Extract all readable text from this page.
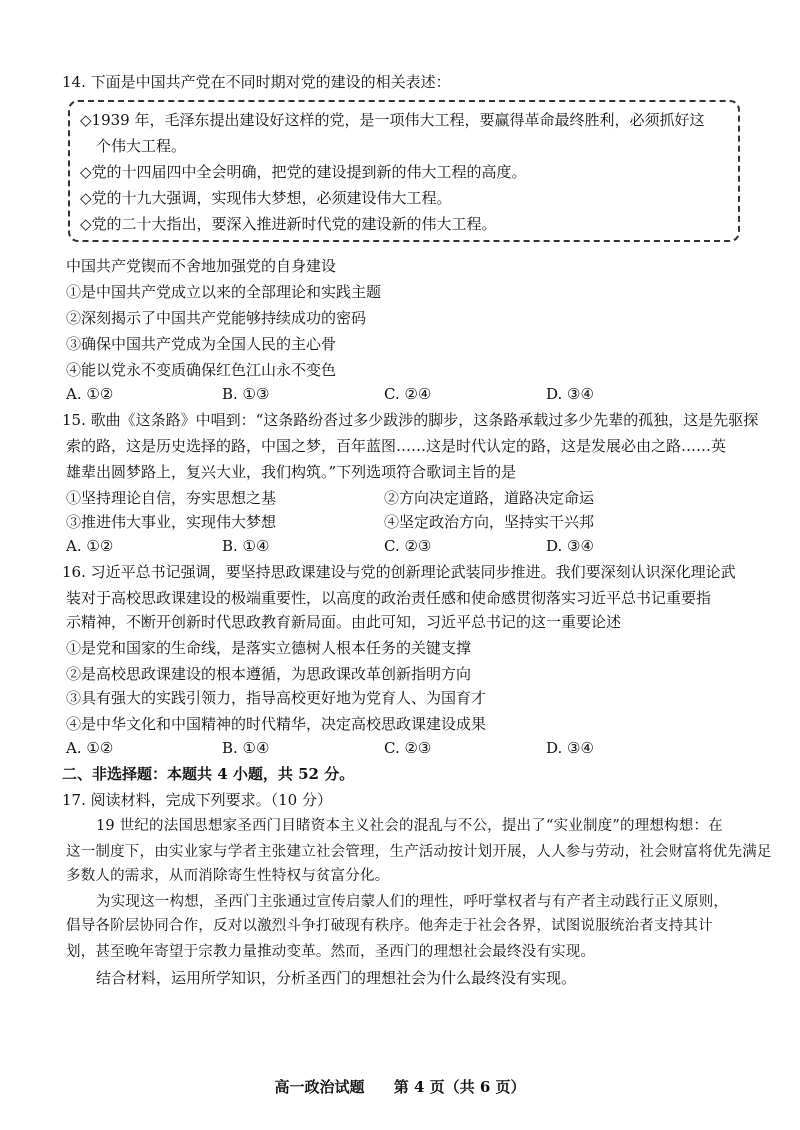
14. 下面是中国共产党在不同时期对党的建设的相关表述：
◇1939 年，毛泽东提出建设好这样的党，是一项伟大工程，要赢得革命最终胜利，必须抓好这
个伟大工程。
◇党的十四届四中全会明确，把党的建设提到新的伟大工程的高度。
◇党的十九大强调，实现伟大梦想，必须建设伟大工程。
◇党的二十大指出，要深入推进新时代党的建设新的伟大工程。
中国共产党锲而不舍地加强党的自身建设
①是中国共产党成立以来的全部理论和实践主题
②深刻揭示了中国共产党能够持续成功的密码
③确保中国共产党成为全国人民的主心骨
④能以党永不变质确保红色江山永不变色
A. ①②	B. ①③	C. ②④	D. ③④
15. 歌曲《这条路》中唱到：“这条路纷沓过多少跋涉的脚步，这条路承载过多少先辈的孤独，这是先驱探
索的路，这是历史选择的路，中国之梦，百年蓝图……这是时代认定的路，这是发展必由之路……英
雄辈出圆梦路上，复兴大业，我们构筑。”下列选项符合歌词主旨的是
①坚持理论自信，夯实思想之基	②方向决定道路，道路决定命运
③推进伟大事业，实现伟大梦想	④坚定政治方向，坚持实干兴邦
A. ①②	B. ①④	C. ②③	D. ③④
16. 习近平总书记强调，要坚持思政课建设与党的创新理论武装同步推进。我们要深刻认识深化理论武
装对于高校思政课建设的极端重要性，以高度的政治责任感和使命感贯彻落实习近平总书记重要指
示精神，不断开创新时代思政教育新局面。由此可知，习近平总书记的这一重要论述
①是党和国家的生命线，是落实立德树人根本任务的关键支撑
②是高校思政课建设的根本遵循，为思政课改革创新指明方向
③具有强大的实践引领力，指导高校更好地为党育人、为国育才
④是中华文化和中国精神的时代精华，决定高校思政课建设成果
A. ①②	B. ①④	C. ②③	D. ③④
二、非选择题：本题共 4 小题，共 52 分。
17. 阅读材料，完成下列要求。（10 分）
19 世纪的法国思想家圣西门目睹资本主义社会的混乱与不公，提出了“实业制度”的理想构想：在
这一制度下，由实业家与学者主张建立社会管理，生产活动按计划开展，人人参与劳动，社会财富将优先满足
多数人的需求，从而消除寄生性特权与贫富分化。
为实现这一构想，圣西门主张通过宣传启蒙人们的理性，呼吁掌权者与有产者主动践行正义原则，
倡导各阶层协同合作，反对以激烈斗争打破现有秩序。他奔走于社会各界，试图说服统治者支持其计
划，甚至晚年寄望于宗教力量推动变革。然而，圣西门的理想社会最终没有实现。
结合材料，运用所学知识，分析圣西门的理想社会为什么最终没有实现。
高一政治试题 第 4 页（共 6 页）
